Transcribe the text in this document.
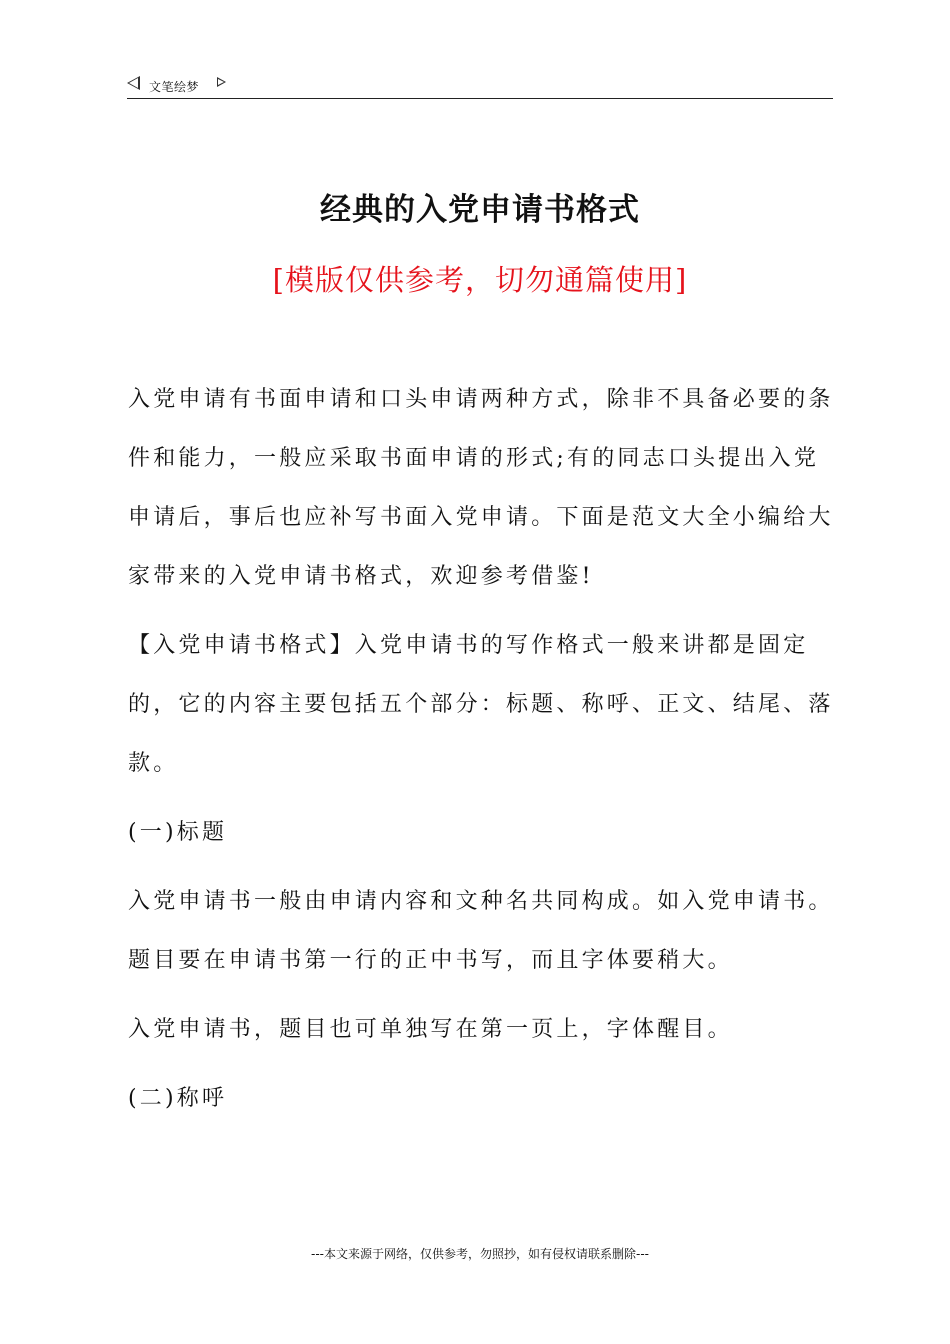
文笔绘梦
经典的入党申请书格式
[模版仅供参考，切勿通篇使用]

入党申请有书面申请和口头申请两种方式，除非不具备必要的条件和能力，一般应采取书面申请的形式;有的同志口头提出入党申请后，事后也应补写书面入党申请。下面是范文大全小编给大家带来的入党申请书格式，欢迎参考借鉴!

【入党申请书格式】入党申请书的写作格式一般来讲都是固定的，它的内容主要包括五个部分：标题、称呼、正文、结尾、落款。

(一)标题

入党申请书一般由申请内容和文种名共同构成。如入党申请书。题目要在申请书第一行的正中书写，而且字体要稍大。

入党申请书，题目也可单独写在第一页上，字体醒目。

(二)称呼

---本文来源于网络，仅供参考，勿照抄，如有侵权请联系删除---
